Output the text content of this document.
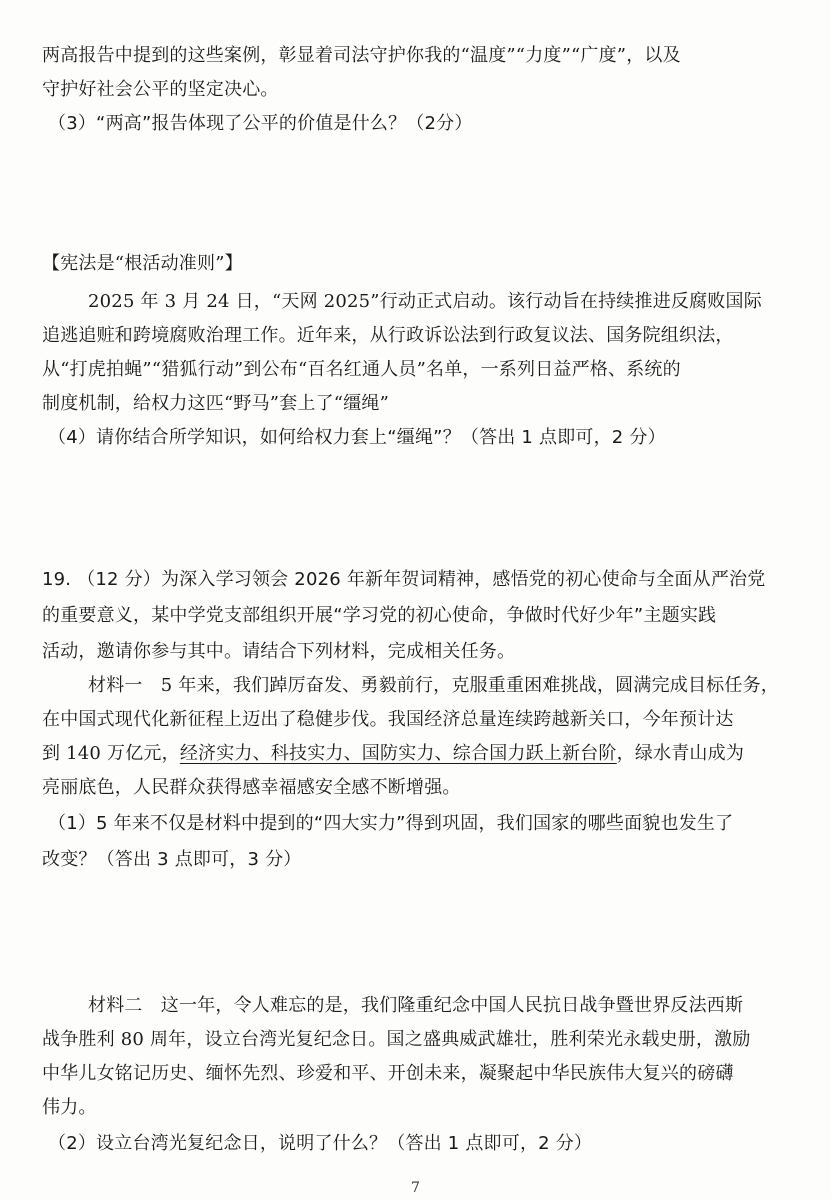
两高报告中提到的这些案例，彰显着司法守护你我的“温度”“力度”“广度”，以及
守护好社会公平的坚定决心。
（3）“两高”报告体现了公平的价值是什么？（2分）
【宪法是“根活动准则”】
2025 年 3 月 24 日，“天网 2025”行动正式启动。该行动旨在持续推进反腐败国际
追逃追赃和跨境腐败治理工作。近年来，从行政诉讼法到行政复议法、国务院组织法，
从“打虎拍蝇”“猎狐行动”到公布“百名红通人员”名单，一系列日益严格、系统的
制度机制，给权力这匹“野马”套上了“缰绳”
（4）请你结合所学知识，如何给权力套上“缰绳”？（答出 1 点即可，2 分）
19. （12 分）为深入学习领会 2026 年新年贺词精神，感悟党的初心使命与全面从严治党
的重要意义，某中学党支部组织开展“学习党的初心使命，争做时代好少年”主题实践
活动，邀请你参与其中。请结合下列材料，完成相关任务。
材料一　5 年来，我们踔厉奋发、勇毅前行，克服重重困难挑战，圆满完成目标任务，
在中国式现代化新征程上迈出了稳健步伐。我国经济总量连续跨越新关口，今年预计达
到 140 万亿元，经济实力、科技实力、国防实力、综合国力跃上新台阶，绿水青山成为
亮丽底色，人民群众获得感幸福感安全感不断增强。
（1）5 年来不仅是材料中提到的“四大实力”得到巩固，我们国家的哪些面貌也发生了
改变？（答出 3 点即可，3 分）
材料二　这一年，令人难忘的是，我们隆重纪念中国人民抗日战争暨世界反法西斯
战争胜利 80 周年，设立台湾光复纪念日。国之盛典威武雄壮，胜利荣光永载史册，激励
中华儿女铭记历史、缅怀先烈、珍爱和平、开创未来，凝聚起中华民族伟大复兴的磅礴
伟力。
（2）设立台湾光复纪念日，说明了什么？（答出 1 点即可，2 分）
7
